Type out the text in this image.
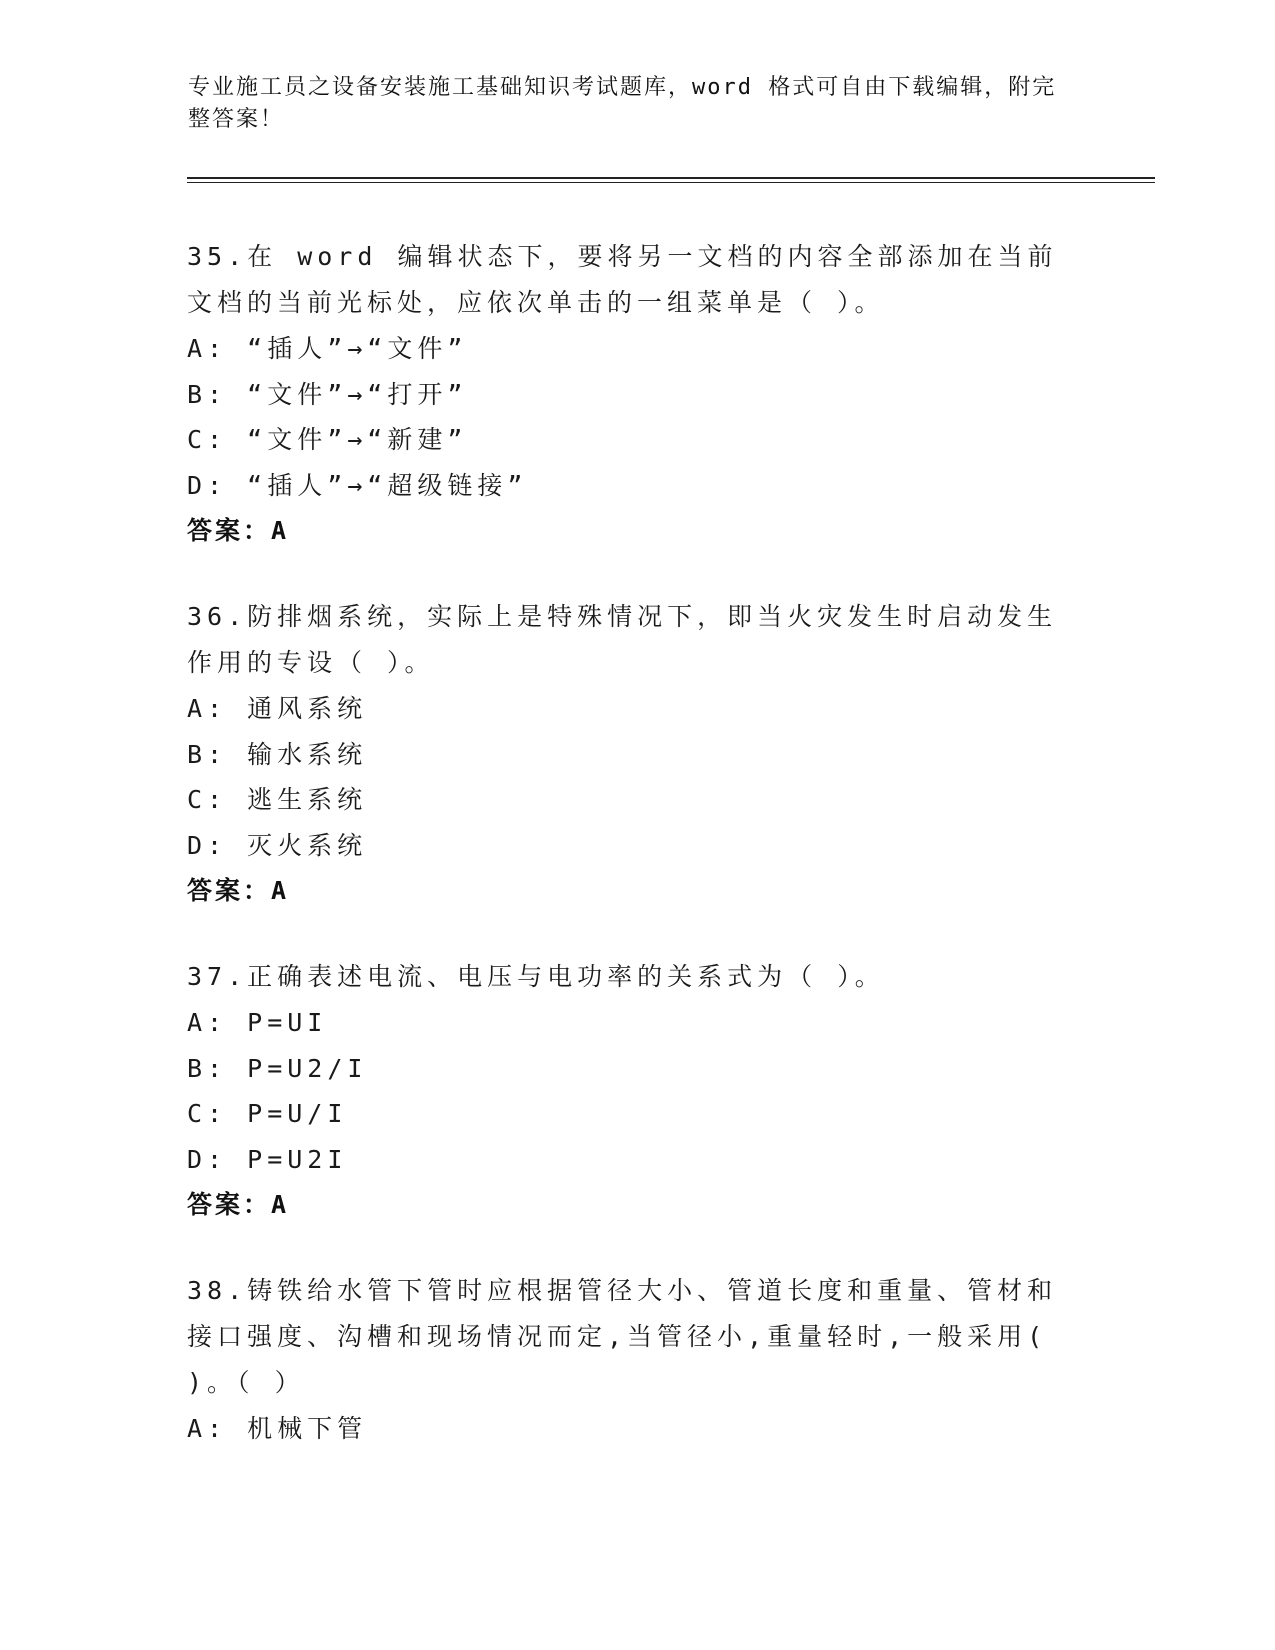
专业施工员之设备安装施工基础知识考试题库，word 格式可自由下载编辑，附完整答案！
35.在 word 编辑状态下，要将另一文档的内容全部添加在当前文档的当前光标处，应依次单击的一组菜单是（ ）。
A: “插人”→“文件”
B: “文件”→“打开”
C: “文件”→“新建”
D: “插人”→“超级链接”
答案：A
36.防排烟系统，实际上是特殊情况下，即当火灾发生时启动发生作用的专设（ ）。
A: 通风系统
B: 输水系统
C: 逃生系统
D: 灭火系统
答案：A
37.正确表述电流、电压与电功率的关系式为（ ）。
A: P=UI
B: P=U2/I
C: P=U/I
D: P=U2I
答案：A
38.铸铁给水管下管时应根据管径大小、管道长度和重量、管材和接口强度、沟槽和现场情况而定,当管径小,重量轻时,一般采用( )。（ ）
A: 机械下管
